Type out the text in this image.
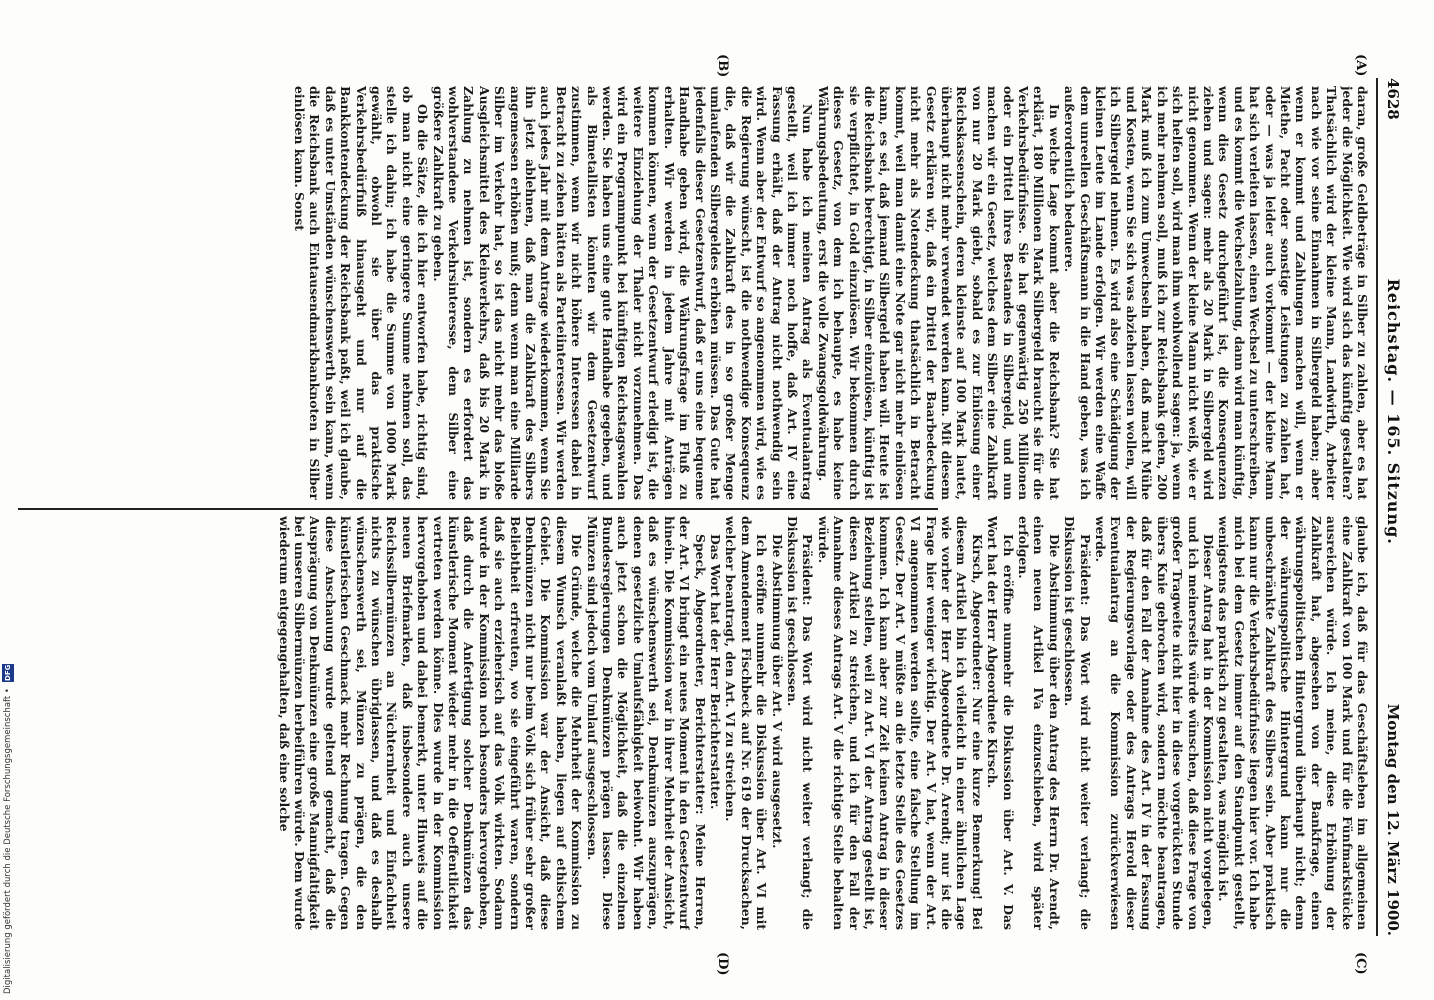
4628
Reichstag. — 165. Sitzung.
Montag den 12. März 1900.
(A)
(B)
(C)
(D)

daran, große Geldbeträge in Silber zu zahlen, aber es hat jeder die Möglichkeit. Wie wird sich das künftig gestalten? Thatsächlich wird der kleine Mann, Landwirth, Arbeiter nach wie vor seine Einnahmen in Silbergeld haben; aber wenn er kommt und Zahlungen machen will, wenn er Miethe, Pacht oder sonstige Leistungen zu zahlen hat, oder — was ja leider auch vorkommt — der kleine Mann hat sich verleiten lassen, einen Wechsel zu unterschreiben, und es kommt die Wechselzahlung, dann wird man künftig, wenn dies Gesetz durchgeführt ist, die Konsequenzen ziehen und sagen: mehr als 20 Mark in Silbergeld wird nicht genommen. Wenn der kleine Mann nicht weiß, wie er sich helfen soll, wird man ihm wohlwollend sagen: ja, wenn ich mehr nehmen soll, muß ich zur Reichsbank gehen, 200 Mark muß ich zum Umwechseln haben, daß macht Mühe und Kosten, wenn Sie sich was abziehen lassen wollen, will ich Silbergeld nehmen. Es wird also eine Schädigung der kleinen Leute im Lande erfolgen. Wir werden eine Waffe dem unreellen Geschäftsmann in die Hand geben, was ich außerordentlich bedauere.

In welche Lage kommt aber die Reichsbank? Sie hat erklärt, 180 Millionen Mark Silbergeld braucht sie für die Verkehrsbedürfnisse. Sie hat gegenwärtig 250 Millionen oder ein Drittel ihres Bestandes in Silbergeld, und nun machen wir ein Gesetz, welches dem Silber eine Zahlkraft von nur 20 Mark giebt, sobald es zur Einlösung einer Reichskassenschein, deren kleinste auf 100 Mark lautet, überhaupt nicht mehr verwendet werden kann. Mit diesem Gesetz erklären wir, daß ein Drittel der Baarbedeckung nicht mehr als Notendeckung thatsächlich in Betracht kommt, weil man damit eine Note gar nicht mehr einlösen kann, es sei, daß jemand Silbergeld haben will. Heute ist die Reichsbank berechtigt, in Silber einzulösen, künftig ist sie verpflichtet, in Gold einzulösen. Wir bekommen durch dieses Gesetz, von dem ich behaupte, es habe keine Währungsbedeutung, erst die volle Zwangsgoldwährung.

Nun habe ich meinen Antrag als Eventualantrag gestellt, weil ich immer noch hoffe, daß Art. IV eine Fassung erhält, daß der Antrag nicht nothwendig sein wird. Wenn aber der Entwurf so angenommen wird, wie es die Regierung wünscht, ist die nothwendige Konsequenz die, daß wir die Zahlkraft des in so großer Menge umlaufenden Silbergeldes erhöhen müssen. Das Gute hat jedenfalls dieser Gesetzentwurf, daß er uns eine bequeme Handhabe geben wird, die Währungsfrage im Fluß zu erhalten. Wir werden in jedem Jahre mit Anträgen kommen können, wenn der Gesetzentwurf erledigt ist, die weitere Einziehung der Thaler nicht vorzunehmen. Das wird ein Programmpunkt bei künftigen Reichstagswahlen werden. Sie haben uns eine gute Handhabe gegeben, und als Bimetallisten könnten wir dem Gesetzentwurf zustimmen, wenn wir nicht höhere Interessen dabei in Betracht zu ziehen hätten als Parteiinteressen. Wir werden auch jedes Jahr mit dem Antrage wiederkommen, wenn Sie ihn jetzt ablehnen, daß man die Zahlkraft des Silbers angemessen erhöhen muß; denn wenn man eine Milliarde Silber im Verkehr hat, so ist das nicht mehr das bloße Ausgleichsmittel des Kleinverkehrs, daß bis 20 Mark in Zahlung zu nehmen ist, sondern es erfordert das wohlverstandene Verkehrsinteresse, dem Silber eine größere Zahlkraft zu geben.

Ob die Sätze, die ich hier entworfen habe, richtig sind, ob man nicht eine geringere Summe nehmen soll, das stelle ich dahin; ich habe die Summe von 1000 Mark gewählt, obwohl sie über das praktische Verkehrsbedürfniß hinausgeht und nur auf die Bankkontendeckung der Reichsbank paßt, weil ich glaube, daß es unter Umständen wünschenswerth sein kann, wenn die Reichsbank auch Eintausendmarkbanknoten in Silber einlösen kann. Sonst

glaube ich, daß für das Geschäftsleben im allgemeinen eine Zahlkraft von 100 Mark und für die Fünfmarkstücke ausreichen würde. Ich meine, diese Erhöhung der Zahlkraft hat, abgesehen von der Bankfrage, einen währungspolitischen Hintergrund überhaupt nicht; denn der währungspolitische Hintergrund kann nur die unbeschränkte Zahlkraft des Silbers sein. Aber praktisch kann nur die Verkehrsbedürfnisse liegen hier vor. Ich habe mich bei dem Gesetz immer auf den Standpunkt gestellt, wenigstens das praktisch zu gestalten, was möglich ist.

Dieser Antrag hat in der Kommission nicht vorgelegen, und ich meinerseits würde wünschen, daß diese Frage von großer Tragweite nicht hier in diese vorgerückten Stunde übers Knie gebrochen wird, sondern möchte beantragen, daß für den Fall der Annahme des Art. IV in der Fassung der Regierungsvorlage oder des Antrags Herold dieser Eventualantrag an die Kommission zurückverwiesen werde.

Präsident: Das Wort wird nicht weiter verlangt; die Diskussion ist geschlossen.

Die Abstimmung über den Antrag des Herrn Dr. Arendt, einen neuen Artikel IVa einzuschieben, wird später erfolgen.

Ich eröffne nunmehr die Diskussion über Art. V. Das Wort hat der Herr Abgeordnete Kirsch.

Kirsch, Abgeordneter: Nur eine kurze Bemerkung! Bei diesem Artikel bin ich vielleicht in einer ähnlichen Lage wie vorher der Herr Abgeordnete Dr. Arendt; nur ist die Frage hier weniger wichtig. Der Art. V hat, wenn der Art. VI angenommen werden sollte, eine falsche Stellung im Gesetz. Der Art. V müßte an die letzte Stelle des Gesetzes kommen. Ich kann aber zur Zeit keinen Antrag in dieser Beziehung stellen, weil zu Art. VI der Antrag gestellt ist, diesen Artikel zu streichen, und ich für den Fall der Annahme dieses Antrags Art. V die richtige Stelle behalten würde.

Präsident: Das Wort wird nicht weiter verlangt; die Diskussion ist geschlossen.

Die Abstimmung über Art. V wird ausgesetzt.

Ich eröffne nunmehr die Diskussion über Art. VI mit dem Amendement Fischbeck auf Nr. 619 der Drucksachen, welcher beantragt, den Art. VI zu streichen.

Das Wort hat der Herr Berichterstatter.

Speck, Abgeordneter, Berichterstatter: Meine Herren, der Art. VI bringt ein neues Moment in den Gesetzentwurf hinein. Die Kommission war in ihrer Mehrheit der Ansicht, daß es wünschenswerth sei, Denkmünzen auszuprägen, denen gesetzliche Umlaufsfähigkeit beiwohnt. Wir haben auch jetzt schon die Möglichkeit, daß die einzelnen Bundesregierungen Denkmünzen prägen lassen. Diese Münzen sind jedoch vom Umlauf ausgeschlossen.

Die Gründe, welche die Mehrheit der Kommission zu diesem Wunsch veranlaßt haben, liegen auf ethischem Gebiet. Die Kommission war der Ansicht, daß diese Denkmünzen nicht nur beim Volk sich früher sehr großer Beliebtheit erfreuten, wo sie eingeführt waren, sondern daß sie auch erzieherisch auf das Volk wirkten. Sodann wurde in der Kommission noch besonders hervorgehoben, daß durch die Anfertigung solcher Denkmünzen das künstlerische Moment wieder mehr in die Oeffentlichkeit vertreten werden könne. Dies wurde in der Kommission hervorgehoben und dabei bemerkt, unter Hinweis auf die neuen Briefmarken, daß insbesondere auch unsere Reichssilbermünzen an Nüchternheit und Einfachheit nichts zu wünschen übriglassen, und daß es deshalb wünschenswerth sei, Münzen zu prägen, die den künstlerischen Geschmack mehr Rechnung tragen. Gegen diese Anschauung wurde geltend gemacht, daß die Ausprägung von Denkmünzen eine große Mannigfaltigkeit bei unseren Silbermünzen herbeiführen würde. Dem wurde wiederum entgegengehalten, daß eine solche

Digitalisierung gefördert durch die Deutsche Forschungsgemeinschaft • DFG
